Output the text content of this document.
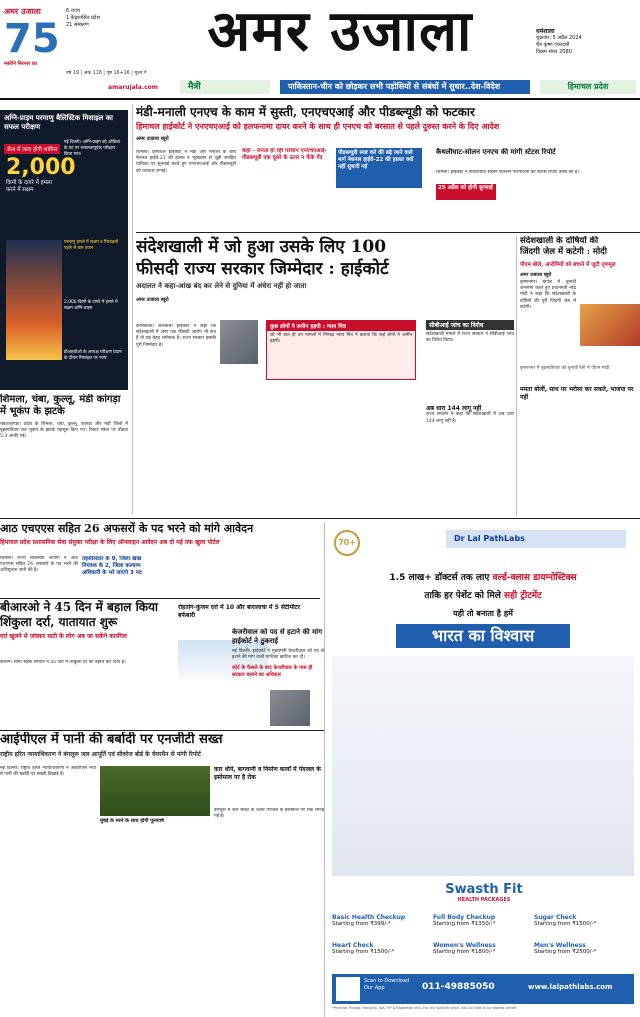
अमर उजाला
75
मस्तीने निरन्तर का
6 राज्य
1 केंद्रशासित प्रदेश
21 संस्करण	अमर उजाला
वर्ष 19 | अंक 118 | पृष्ठ 16+16 | मूल्य ₹
धर्मशाला
शुक्रवार, 5 अप्रैल 2024
चैत्र कृष्ण एकादशी
विक्रम संवत 2080
amarujala.com	मैत्री	पाकिस्तान-चीन को छोड़कर सभी पड़ोसियों से संबंधों में सुधार..देश-विदेश	हिमाचल प्रदेश
अग्नि-प्राइम परमाणु बैलिस्टिक मिसाइल का सफल परीक्षण
सेना में जल्द होगी शामिल
2,000
किमी के दायरे में हमला करने में सक्षम
नई दिल्ली। अग्नि-प्राइम को ओडिशा के तट पर सफलतापूर्वक परीक्षण किया गया।
परमाणु हमले में सक्षम व मिसाइलों पहले से कम वजन
2,000 किमी के दायरे में हमले में सक्षम अग्नि-प्राइम
डीआरडीओ के अध्यक्ष परीक्षण प्रदान के दौरान मिसाइल पर नजर
शिमला, चंबा, कुल्लू, मंडी कांगड़ा में भूकंप के झटके
चंबा/कांगड़ा। प्रदेश के शिमला, चंबा, कुल्लू, कांगड़ा और मंडी जिलों में बृहस्पतिवार रात भूकंप के झटके महसूस किए गए। रिक्टर स्केल पर तीव्रता 5.3 आंकी गई।
मंडी-मनाली एनएच के काम में सुस्ती, एनएचएआई और पीडब्ल्यूडी को फटकार
हिमाचल हाईकोर्ट ने एनएचएआई को हलफनामा दायर करने के साथ ही एनएच को बरसात से पहले दुरुस्त करने के दिए आदेश
अमर उजाला ब्यूरो
शिमला। हिमाचल हाईकोर्ट ने मंडी और मनाली के बीच नेशनल हाईवे-21 की हालत व भूस्खलन से जुड़ी जनहित याचिका पर सुनवाई करते हुए एनएचएआई और पीडब्ल्यूडी को फटकार लगाई।
कहा - जनता हो रही परेशान एनएचएआई-पीडब्ल्यूडी एक दूसरे के ऊपर न फेंके गेंद
पीडब्ल्यूडी स्पष्ट करे की बढ़े जाने वाले मार्ग नेशनल हाईवे-22 की हालत क्यों नहीं सुधारी गई
कैथलीघाट-सोलन एनएच की मांगी स्टेटस रिपोर्ट
शिमला। हाईकोर्ट ने कैथलीघाट-सोलन फोरलेन परियोजना की स्टेटस रिपोर्ट तलब की है।
25 अप्रैल को होगी सुनवाई
संदेशखाली में जो हुआ उसके लिए 100
फीसदी राज्य सरकार जिम्मेदार : हाईकोर्ट
अदालत ने कहा-आंख बंद कर लेने से दुनिया में अंधेरा नहीं हो जाता
अमर उजाला ब्यूरो
कोलकाता। कलकत्ता हाईकोर्ट ने कहा कि संदेशखाली में अगर एक फीसदी आरोप भी सच हैं तो यह बेहद शर्मनाक है। राज्य सरकार इसकी पूरी जिम्मेदार है।
कुछ लोगों ने जमीन हड़पी : न्याय मित्र
जो भी बात हो उन मामलों में निष्पक्ष न्याय मित्र ने बताया कि कई लोगों ने जमीन हड़पी।
सीबीआई जांच का विरोध
संदेशखाली मामले में राज्य सरकार ने सीबीआई जांच का विरोध किया।
अब धारा 144 लागू नहीं
राज्य सरकार ने कहा कि संदेशखाली में अब धारा 144 लागू नहीं है।
संदेशखाली के दोषियों की
जिंदगी जेल में कटेगी : मोदी
पीएम बोले, आरोपियों को बचाने में जुटी तृणमूल
अमर उजाला ब्यूरो
कृष्णनगर। बंगाल में चुनावी जनसभा करते हुए प्रधानमंत्री नरेंद्र मोदी ने कहा कि संदेशखाली के दोषियों की पूरी जिंदगी जेल में कटेगी।
कृष्णनगर में बृहस्पतिवार को चुनावी रैली में पीएम मोदी
ममता बोलीं, साथ पर भरोसा कर सकते, भाजपा पर नहीं
आठ एचएएस सहित 26 अफसरों के पद भरने को मांगे आवेदन
हिमाचल प्रदेश प्रशासनिक सेवा संयुक्त परीक्षा के लिए ऑनलाइन आवेदन अब दो मई तक खुला पोर्टल
शिमला। राज्य लोकसेवा आयोग ने आठ एचएएस सहित 26 अफसरों के पद भरने की अधिसूचना जारी की है।
तहसीलदार के 9, जिला खाद्य नियंत्रक के 2, जिला कल्याण अधिकारी के भरे जाएंगे 3 पद
बीआरओ ने 45 दिन में बहाल किया शिंकुला दर्रा, यातायात शुरू
दर्रा खुलने से जांस्कर घाटी के लोग अब जा सकेंगे कारगिल
केलांग। सीमा सड़क संगठन ने 45 दिन में शिंकुला दर्रे को बहाल कर दिया है।
रोहतांग-कुंजम दर्रा में 10 और बारालाचा में 5 सेंटीमीटर बर्फबारी
केजरीवाल को पद से हटाने की मांग हाईकोर्ट ने ठुकराई
नई दिल्ली। हाईकोर्ट ने मुख्यमंत्री केजरीवाल को पद से हटाने की मांग वाली याचिका खारिज कर दी।
कोर्ट के फैसले के बाद केजरीवाल के पास ही सरकार चलाने का अधिकार
आईपीएल में पानी की बर्बादी पर एनजीटी सख्त
राष्ट्रीय हरित न्यायाधिकरण ने बंगलूरू जल आपूर्ति एवं सीवरेज बोर्ड के चेयरमैन से मांगी रिपोर्ट
नई दिल्ली। राष्ट्रीय हरित न्यायाधिकरण ने आईपीएल मैचों में पानी की बर्बादी पर सख्ती दिखाई है।
मुंबई के मरने के साथ होगी पूल्यवर्ष
कार धोने, बागवानी व निर्माण कार्यों में पेयजल के इस्तेमाल पर है रोक
बंगलूरू में जल संकट के चलते पेयजल के इस्तेमाल पर रोक लगाई गई है।
70+	Dr Lal PathLabs
1.5 लाख+ डॉक्टर्स तक लाए वर्ल्ड-क्लास डायग्नोस्टिक्स
ताकि हर पेशेंट को मिले सही ट्रीटमेंट
यही तो बनाता है हमें
भारत का विश्वास
Swasth Fit
HEALTH PACKAGES
Basic Health Checkup
Starting from ₹399/-*
Full Body Checkup
Starting from ₹1350/-*
Sugar Check
Starting from ₹1500/-*
Heart Check
Starting from ₹1500/-*
Women's Wellness
Starting from ₹1800/-*
Men's Wellness
Starting from ₹2500/-*
Scan to Download Our App	011-49885050	www.lalpathlabs.com
*Price for Punjab, Haryana, J&K, HP & Rajasthan only. For city specific price, call us/ walk in to nearest centre.
